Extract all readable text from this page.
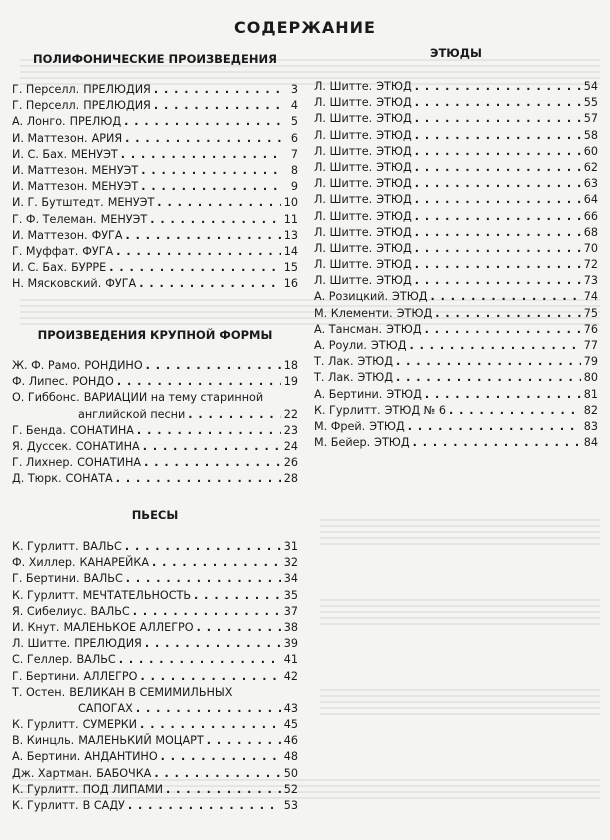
СОДЕРЖАНИЕ
ПОЛИФОНИЧЕСКИЕ ПРОИЗВЕДЕНИЯ
Г. Перселл. ПРЕЛЮДИЯ . . .	3
Г. Перселл. ПРЕЛЮДИЯ . . .	4
А. Лонго. ПРЕЛЮД . . .	5
И. Маттезон. АРИЯ . . .	6
И. С. Бах. МЕНУЭТ . . .	7
И. Маттезон. МЕНУЭТ . . .	8
И. Маттезон. МЕНУЭТ . . .	9
И. Г. Бутштедт. МЕНУЭТ . . .	10
Г. Ф. Телеман. МЕНУЭТ . . .	11
И. Маттезон. ФУГА . . .	13
Г. Муффат. ФУГА . . .	14
И. С. Бах. БУРРЕ . . .	15
Н. Мясковский. ФУГА . . .	16
ПРОИЗВЕДЕНИЯ КРУПНОЙ ФОРМЫ
Ж. Ф. Рамо. РОНДИНО . . .	18
Ф. Липес. РОНДО . . .	19
О. Гиббонс. ВАРИАЦИИ на тему старинной
английской песни . . .	22
Г. Бенда. СОНАТИНА . . .	23
Я. Дуссек. СОНАТИНА . . .	24
Г. Лихнер. СОНАТИНА . . .	26
Д. Тюрк. СОНАТА . . .	28
ПЬЕСЫ
К. Гурлитт. ВАЛЬС . . .	31
Ф. Хиллер. КАНАРЕЙКА . . .	32
Г. Бертини. ВАЛЬС . . .	34
К. Гурлитт. МЕЧТАТЕЛЬНОСТЬ . . .	35
Я. Сибелиус. ВАЛЬС . . .	37
И. Кнут. МАЛЕНЬКОЕ АЛЛЕГРО . . .	38
Л. Шитте. ПРЕЛЮДИЯ . . .	39
С. Геллер. ВАЛЬС . . .	41
Г. Бертини. АЛЛЕГРО . . .	42
Т. Остен. ВЕЛИКАН В СЕМИМИЛЬНЫХ
САПОГАХ . . .	43
К. Гурлитт. СУМЕРКИ . . .	45
В. Кинцль. МАЛЕНЬКИЙ МОЦАРТ . . .	46
А. Бертини. АНДАНТИНО . . .	48
Дж. Хартман. БАБОЧКА . . .	50
К. Гурлитт. ПОД ЛИПАМИ . . .	52
К. Гурлитт. В САДУ . . .	53
ЭТЮДЫ
Л. Шитте. ЭТЮД . . .	54
Л. Шитте. ЭТЮД . . .	55
Л. Шитте. ЭТЮД . . .	57
Л. Шитте. ЭТЮД . . .	58
Л. Шитте. ЭТЮД . . .	60
Л. Шитте. ЭТЮД . . .	62
Л. Шитте. ЭТЮД . . .	63
Л. Шитте. ЭТЮД . . .	64
Л. Шитте. ЭТЮД . . .	66
Л. Шитте. ЭТЮД . . .	68
Л. Шитте. ЭТЮД . . .	70
Л. Шитте. ЭТЮД . . .	72
Л. Шитте. ЭТЮД . . .	73
А. Розицкий. ЭТЮД . . .	74
М. Клементи. ЭТЮД . . .	75
А. Тансман. ЭТЮД . . .	76
А. Роули. ЭТЮД . . .	77
Т. Лак. ЭТЮД . . .	79
Т. Лак. ЭТЮД . . .	80
А. Бертини. ЭТЮД . . .	81
К. Гурлитт. ЭТЮД № 6 . . .	82
М. Фрей. ЭТЮД . . .	83
М. Бейер. ЭТЮД . . .	84
